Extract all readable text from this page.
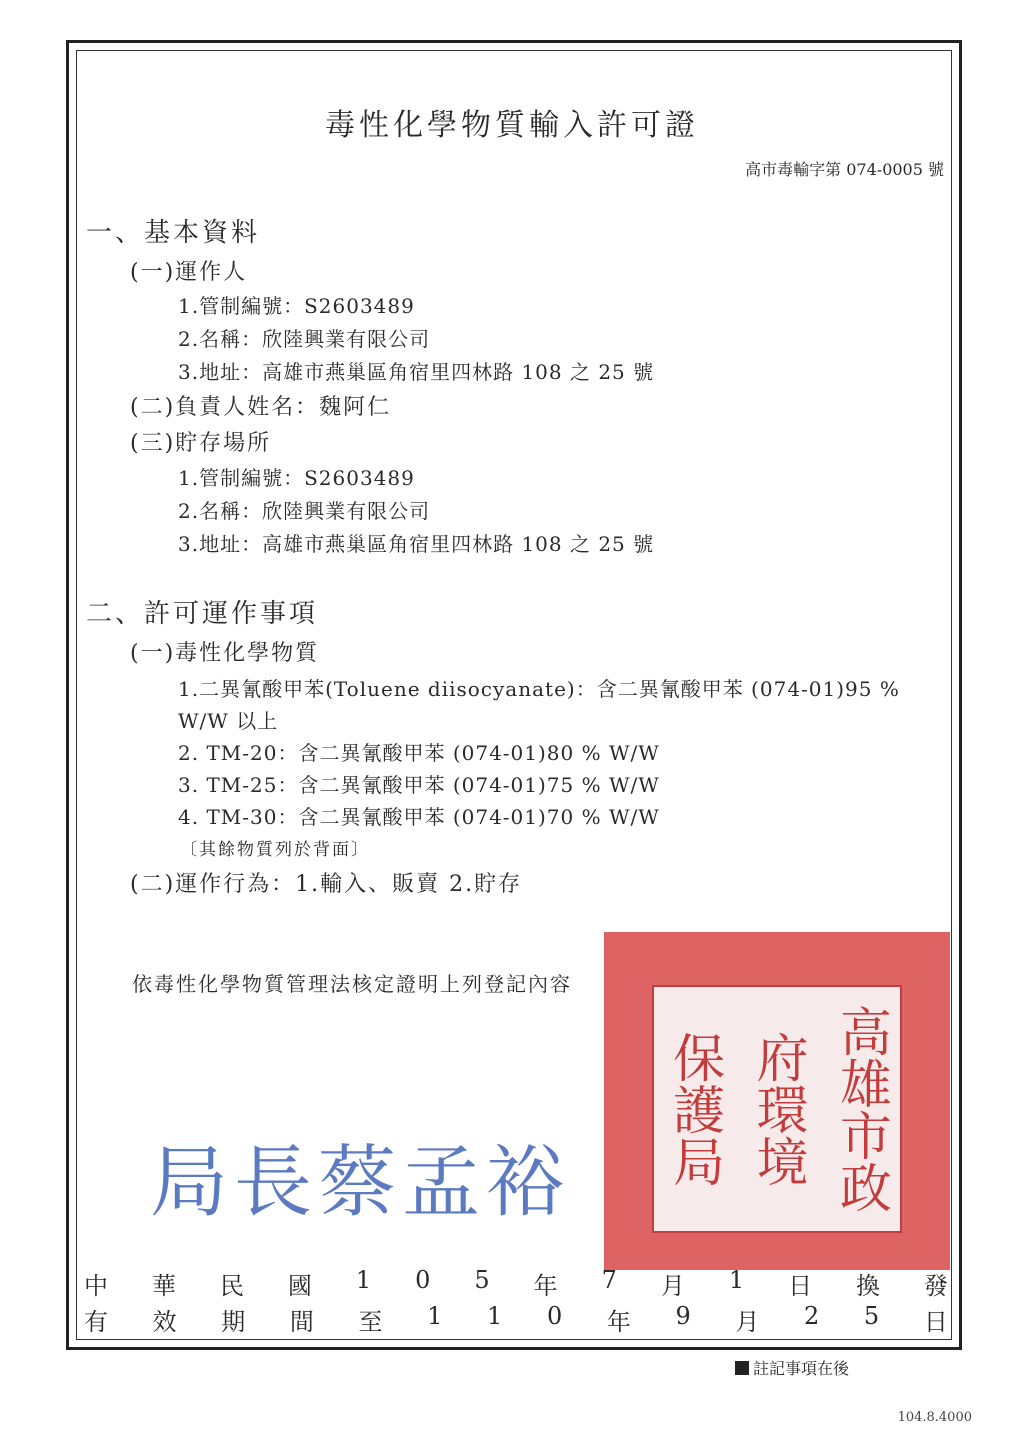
毒性化學物質輸入許可證
高市毒輸字第 074-0005 號
一、基本資料
(一)運作人
1.管制編號：S2603489
2.名稱：欣陸興業有限公司
3.地址：高雄市燕巢區角宿里四林路 108 之 25 號
(二)負責人姓名：魏阿仁
(三)貯存場所
1.管制編號：S2603489
2.名稱：欣陸興業有限公司
3.地址：高雄市燕巢區角宿里四林路 108 之 25 號
二、許可運作事項
(一)毒性化學物質
1.二異氰酸甲苯(Toluene diisocyanate)：含二異氰酸甲苯 (074-01)95 %
W/W 以上
2. TM-20：含二異氰酸甲苯 (074-01)80 % W/W
3. TM-25：含二異氰酸甲苯 (074-01)75 % W/W
4. TM-30：含二異氰酸甲苯 (074-01)70 % W/W
〔其餘物質列於背面〕
(二)運作行為：1.輸入、販賣 2.貯存
高雄市政
府環境
保護局
依毒性化學物質管理法核定證明上列登記內容
局長蔡孟裕
中 華 民 國 1 0 5 年 7 月 1 日 換 發
有 效 期 間 至 1 1 0 年 9 月 2 5 日
註記事項在後
104.8.4000
